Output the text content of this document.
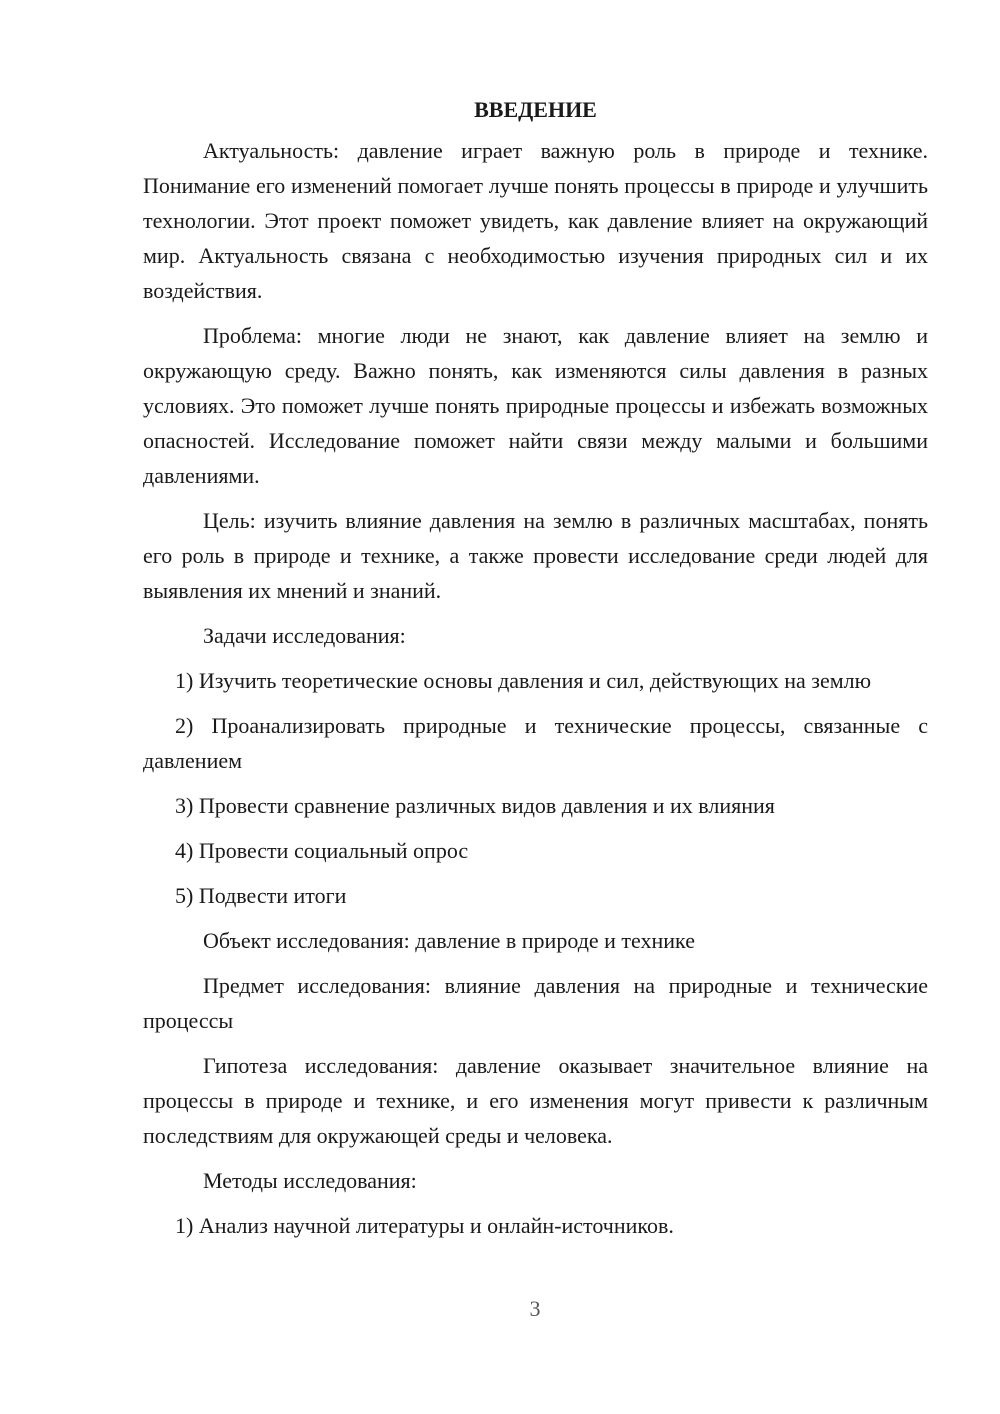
ВВЕДЕНИЕ

Актуальность: давление играет важную роль в природе и технике. Понимание его изменений помогает лучше понять процессы в природе и улучшить технологии. Этот проект поможет увидеть, как давление влияет на окружающий мир. Актуальность связана с необходимостью изучения природных сил и их воздействия.

Проблема: многие люди не знают, как давление влияет на землю и окружающую среду. Важно понять, как изменяются силы давления в разных условиях. Это поможет лучше понять природные процессы и избежать возможных опасностей. Исследование поможет найти связи между малыми и большими давлениями.

Цель: изучить влияние давления на землю в различных масштабах, понять его роль в природе и технике, а также провести исследование среди людей для выявления их мнений и знаний.

Задачи исследования:

1) Изучить теоретические основы давления и сил, действующих на землю

2) Проанализировать природные и технические процессы, связанные с давлением

3) Провести сравнение различных видов давления и их влияния

4) Провести социальный опрос

5) Подвести итоги

Объект исследования: давление в природе и технике

Предмет исследования: влияние давления на природные и технические процессы

Гипотеза исследования: давление оказывает значительное влияние на процессы в природе и технике, и его изменения могут привести к различным последствиям для окружающей среды и человека.

Методы исследования:

1) Анализ научной литературы и онлайн-источников.

3
